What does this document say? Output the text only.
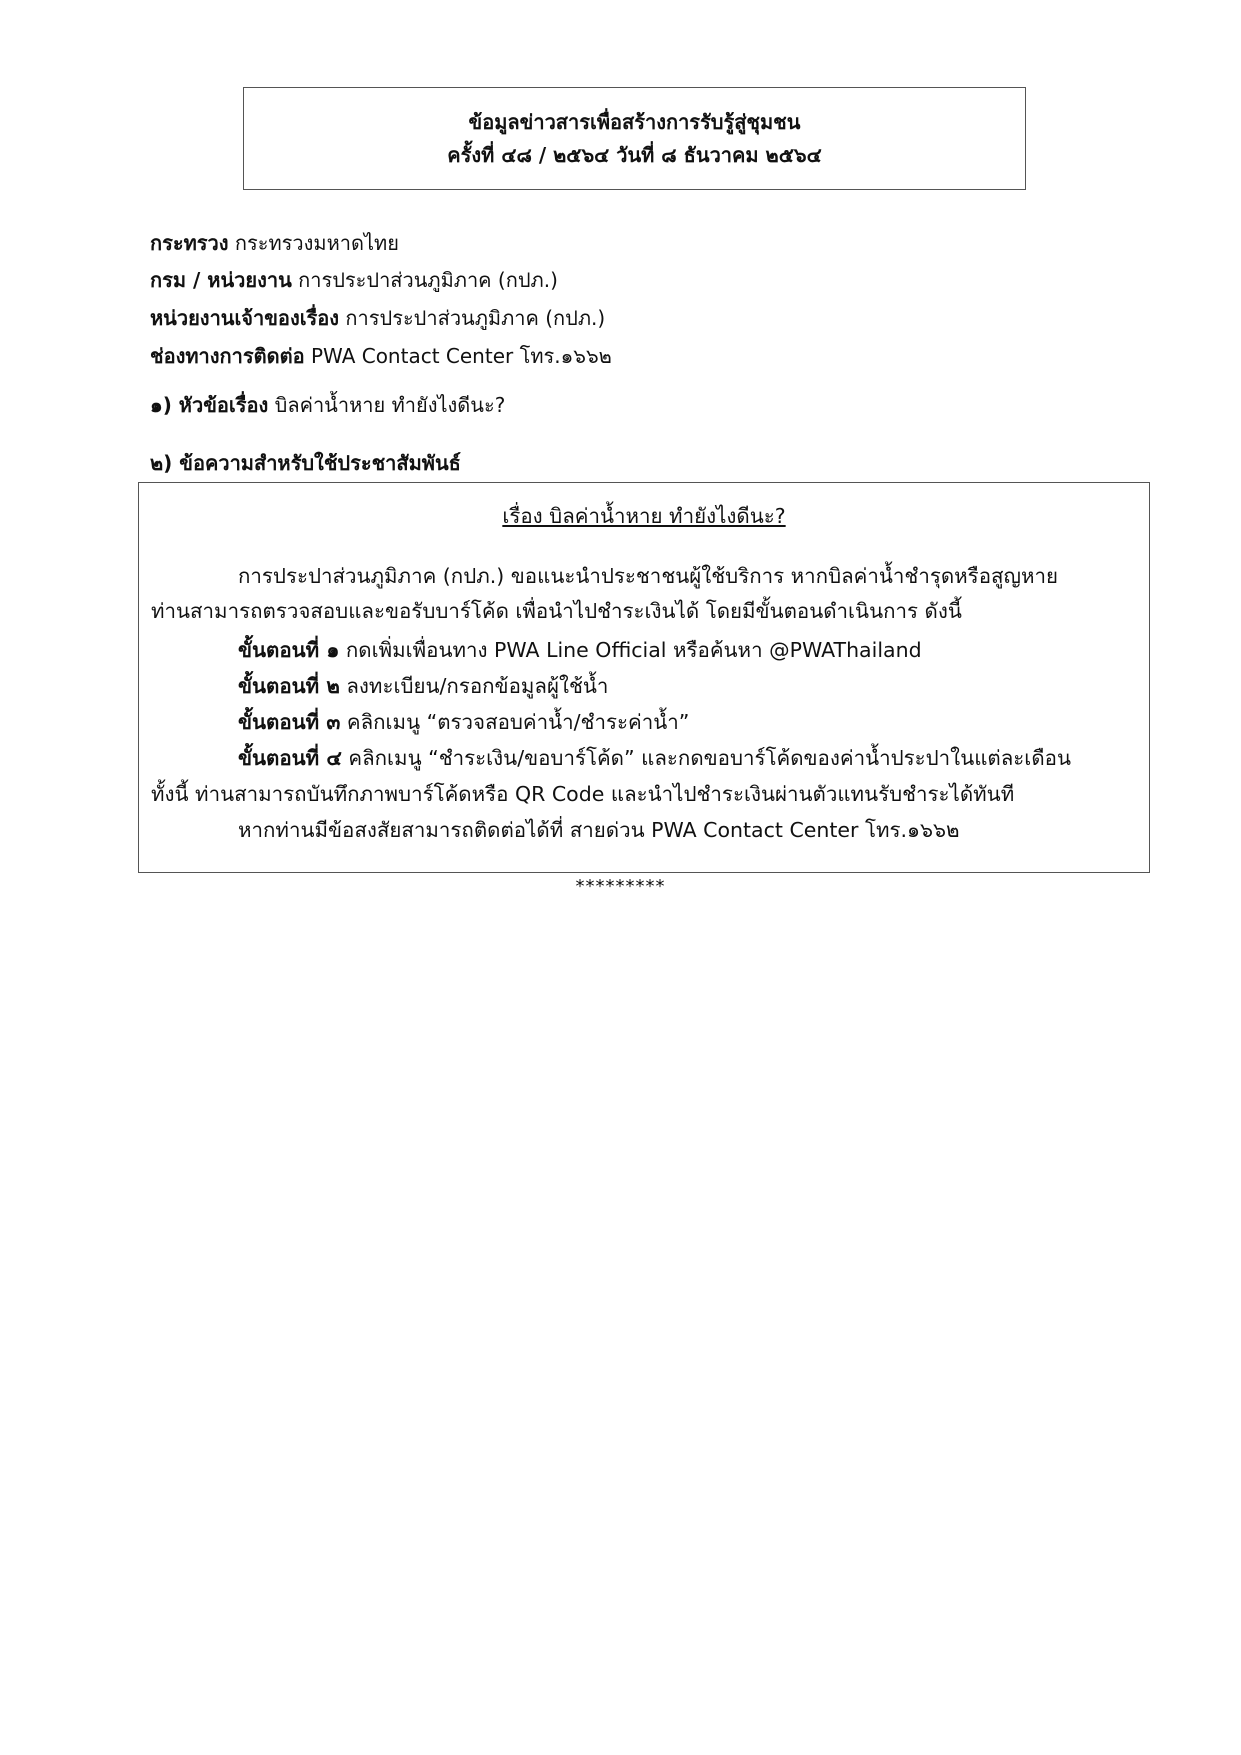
ข้อมูลข่าวสารเพื่อสร้างการรับรู้สู่ชุมชน
ครั้งที่ ๔๘ / ๒๕๖๔ วันที่ ๘ ธันวาคม ๒๕๖๔
กระทรวง กระทรวงมหาดไทย
กรม / หน่วยงาน การประปาส่วนภูมิภาค (กปภ.)
หน่วยงานเจ้าของเรื่อง การประปาส่วนภูมิภาค (กปภ.)
ช่องทางการติดต่อ PWA Contact Center โทร.๑๖๖๒
๑) หัวข้อเรื่อง บิลค่าน้ำหาย ทำยังไงดีนะ?
๒) ข้อความสำหรับใช้ประชาสัมพันธ์
เรื่อง บิลค่าน้ำหาย ทำยังไงดีนะ?
การประปาส่วนภูมิภาค (กปภ.) ขอแนะนำประชาชนผู้ใช้บริการ หากบิลค่าน้ำชำรุดหรือสูญหาย
ท่านสามารถตรวจสอบและขอรับบาร์โค้ด เพื่อนำไปชำระเงินได้ โดยมีขั้นตอนดำเนินการ ดังนี้
ขั้นตอนที่ ๑ กดเพิ่มเพื่อนทาง PWA Line Official หรือค้นหา @PWAThailand
ขั้นตอนที่ ๒ ลงทะเบียน/กรอกข้อมูลผู้ใช้น้ำ
ขั้นตอนที่ ๓ คลิกเมนู “ตรวจสอบค่าน้ำ/ชำระค่าน้ำ”
ขั้นตอนที่ ๔ คลิกเมนู “ชำระเงิน/ขอบาร์โค้ด” และกดขอบาร์โค้ดของค่าน้ำประปาในแต่ละเดือน
ทั้งนี้ ท่านสามารถบันทึกภาพบาร์โค้ดหรือ QR Code และนำไปชำระเงินผ่านตัวแทนรับชำระได้ทันที
หากท่านมีข้อสงสัยสามารถติดต่อได้ที่ สายด่วน PWA Contact Center โทร.๑๖๖๒
*********
